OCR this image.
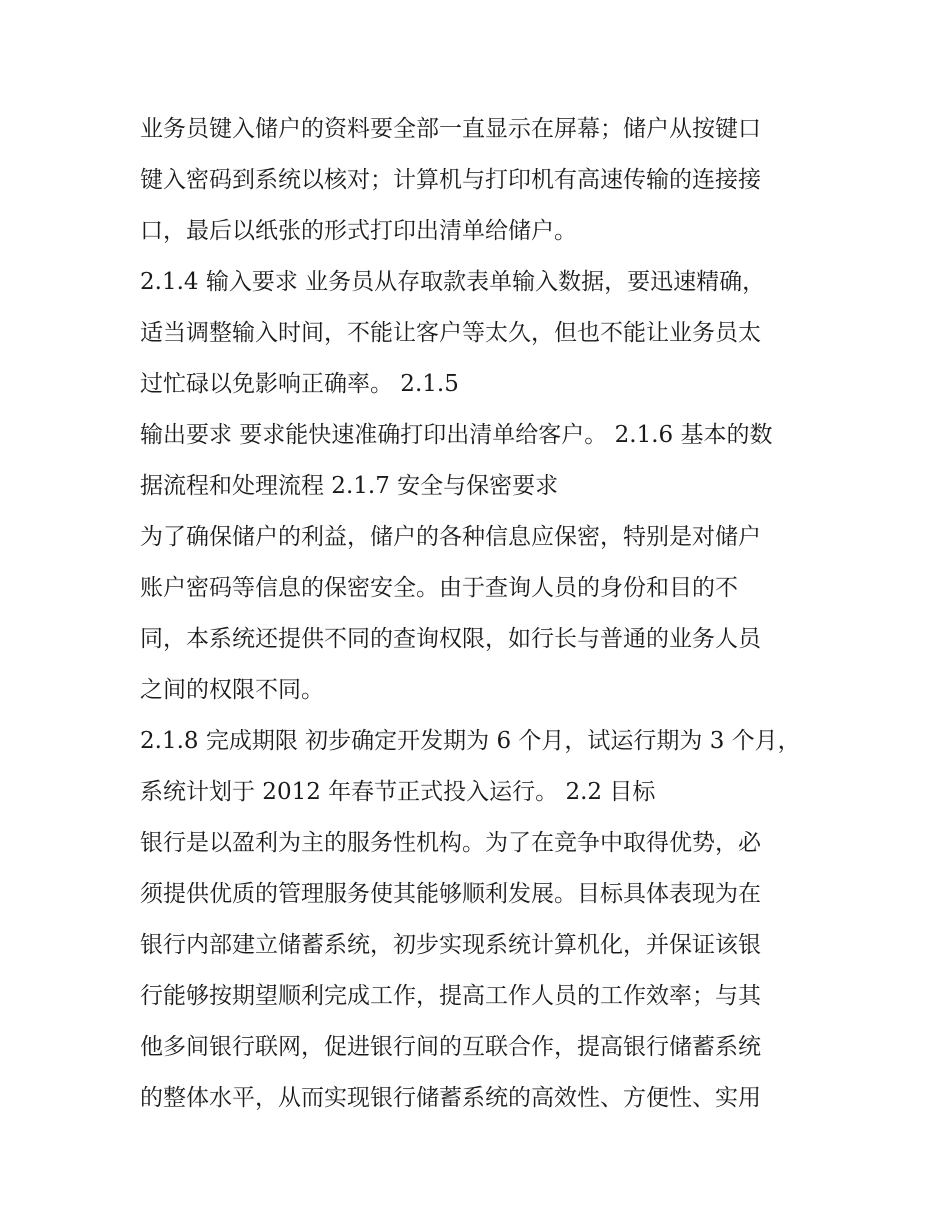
业务员键入储户的资料要全部一直显示在屏幕；储户从按键口
键入密码到系统以核对；计算机与打印机有高速传输的连接接
口，最后以纸张的形式打印出清单给储户。
2.1.4 输入要求 业务员从存取款表单输入数据，要迅速精确，
适当调整输入时间，不能让客户等太久，但也不能让业务员太
过忙碌以免影响正确率。 2.1.5
输出要求 要求能快速准确打印出清单给客户。 2.1.6 基本的数
据流程和处理流程 2.1.7 安全与保密要求
为了确保储户的利益，储户的各种信息应保密，特别是对储户
账户密码等信息的保密安全。由于查询人员的身份和目的不
同，本系统还提供不同的查询权限，如行长与普通的业务人员
之间的权限不同。
2.1.8 完成期限 初步确定开发期为 6 个月，试运行期为 3 个月，
系统计划于 2012 年春节正式投入运行。 2.2 目标
银行是以盈利为主的服务性机构。为了在竞争中取得优势，必
须提供优质的管理服务使其能够顺利发展。目标具体表现为在
银行内部建立储蓄系统，初步实现系统计算机化，并保证该银
行能够按期望顺利完成工作，提高工作人员的工作效率；与其
他多间银行联网，促进银行间的互联合作，提高银行储蓄系统
的整体水平，从而实现银行储蓄系统的高效性、方便性、实用
